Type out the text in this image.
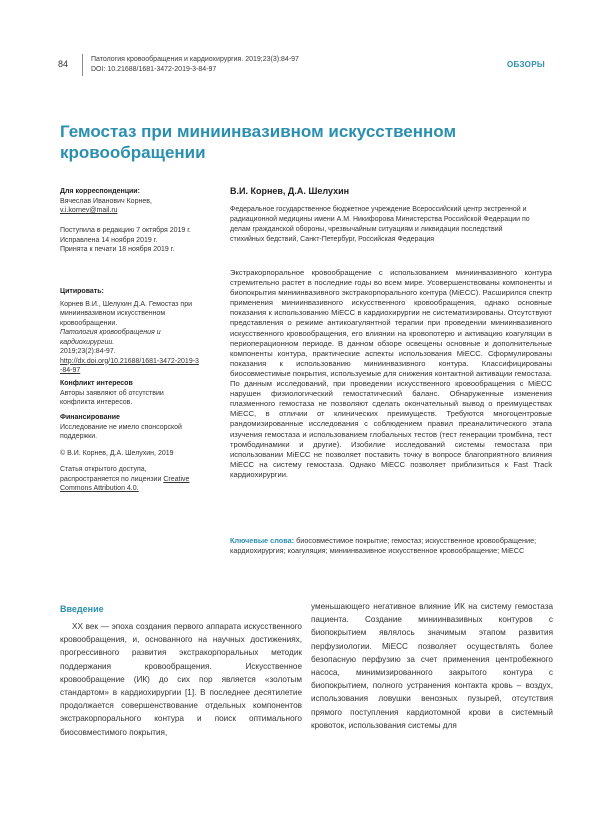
84	Патология кровообращения и кардиохирургия. 2019;23(3):84-97
DOI: 10.21688/1681-3472-2019-3-84-97
ОБЗОРЫ
Гемостаз при миниинвазивном искусственном кровообращении
Для корреспонденции:
Вячеслав Иванович Корнев,
v.i.kornev@mail.ru
Поступила в редакцию 7 октября 2019 г.
Исправлена 14 ноября 2019 г.
Принята к печати 18 ноября 2019 г.
Цитировать:
Корнев В.И., Шелухин Д.А. Гемостаз при миниинвазивном искусственном кровообращении.
Патология кровообращения и кардиохирургии.
2019;23(2):84-97.
http://dx.doi.org/10.21688/1681-3472-2019-3-84-97
Конфликт интересов
Авторы заявляют об отсутствии конфликта интересов.
Финансирование
Исследование не имело спонсорской поддержки.
© В.И. Корнев, Д.А. Шелухин, 2019
Статья открытого доступа, распространяется по лицензии Creative Commons Attribution 4.0.
В.И. Корнев, Д.А. Шелухин
Федеральное государственное бюджетное учреждение Всероссийский центр экстренной и радиационной медицины имени А.М. Никифорова Министерства Российской Федерации по делам гражданской обороны, чрезвычайным ситуациям и ликвидации последствий стихийных бедствий, Санкт-Петербург, Российская Федерация
Экстракорпоральное кровообращение с использованием миниинвазивного контура стремительно растет в последние годы во всем мире. Усовершенствованы компоненты и биопокрытия миниинвазивного экстракорпорального контура (MiECC). Расширился спектр применения миниинвазивного искусственного кровообращения, однако основные показания к использованию MiECC в кардиохирургии не систематизированы. Отсутствуют представления о режиме антикоагулянтной терапии при проведении миниинвазивного искусственного кровообращения, его влиянии на кровопотерю и активацию коагуляции в периоперационном периоде. В данном обзоре освещены основные и дополнительные компоненты контура, практические аспекты использования MiECC. Сформулированы показания к использованию миниинвазивного контура. Классифицированы биосовместимые покрытия, используемые для снижения контактной активации гемостаза. По данным исследований, при проведении искусственного кровообращения с MiECC нарушен физиологический гемостатический баланс. Обнаруженные изменения плазменного гемостаза не позволяют сделать окончательный вывод о преимуществах MiECC, в отличии от клинических преимуществ. Требуются многоцентровые рандомизированные исследования с соблюдением правил преаналитического этапа изучения гемостаза и использованием глобальных тестов (тест генерации тромбина, тест тромбодинамики и другие). Изобилие исследований системы гемостаза при использовании MiECC не позволяет поставить точку в вопросе благоприятного влияния MiECC на систему гемостаза. Однако MiECC позволяет приблизиться к Fast Track кардиохирургии.
Ключевые слова: биосовместимое покрытие; гемостаз; искусственное кровообращение; кардиохирургия; коагуляция; миниинвазивное искусственное кровообращение; MiECC
Введение
XX век — эпоха создания первого аппарата искусственного кровообращения, и, основанного на научных достижениях, прогрессивного развития экстракорпоральных методик поддержания кровообращения. Искусственное кровообращение (ИК) до сих пор является «золотым стандартом» в кардиохирургии [1]. В последнее десятилетие продолжается совершенствование отдельных компонентов экстракорпорального контура и поиск оптимального биосовместимого покрытия,
уменьшающего негативное влияние ИК на систему гемостаза пациента. Создание миниинвазивных контуров с биопокрытием являлось значимым этапом развития перфузиологии. MiECC позволяет осуществлять более безопасную перфузию за счет применения центробежного насоса, минимизированного закрытого контура с биопокрытием, полного устранения контакта кровь – воздух, использования ловушки венозных пузырей, отсутствия прямого поступления кардиотомной крови в системный кровоток, использования системы для
